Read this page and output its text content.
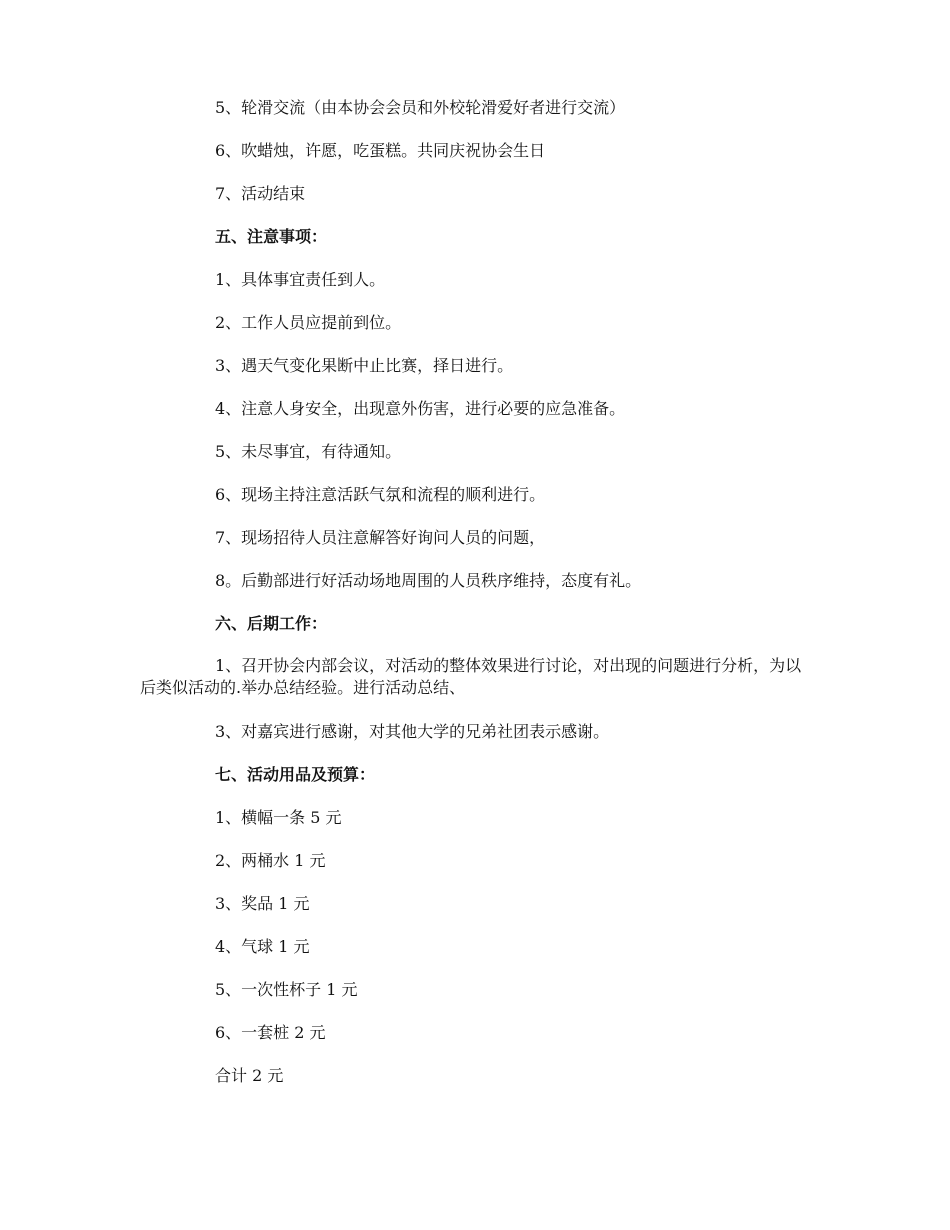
5、轮滑交流（由本协会会员和外校轮滑爱好者进行交流）

6、吹蜡烛，许愿，吃蛋糕。共同庆祝协会生日

7、活动结束

五、注意事项：

1、具体事宜责任到人。

2、工作人员应提前到位。

3、遇天气变化果断中止比赛，择日进行。

4、注意人身安全，出现意外伤害，进行必要的应急准备。

5、未尽事宜，有待通知。

6、现场主持注意活跃气氛和流程的顺利进行。

7、现场招待人员注意解答好询问人员的问题，

8。后勤部进行好活动场地周围的人员秩序维持，态度有礼。

六、后期工作：

1、召开协会内部会议，对活动的整体效果进行讨论，对出现的问题进行分析，为以后类似活动的.举办总结经验。进行活动总结、

3、对嘉宾进行感谢，对其他大学的兄弟社团表示感谢。

七、活动用品及预算：

1、横幅一条 5 元

2、两桶水 1 元

3、奖品 1 元

4、气球 1 元

5、一次性杯子 1 元

6、一套桩 2 元

合计 2 元
